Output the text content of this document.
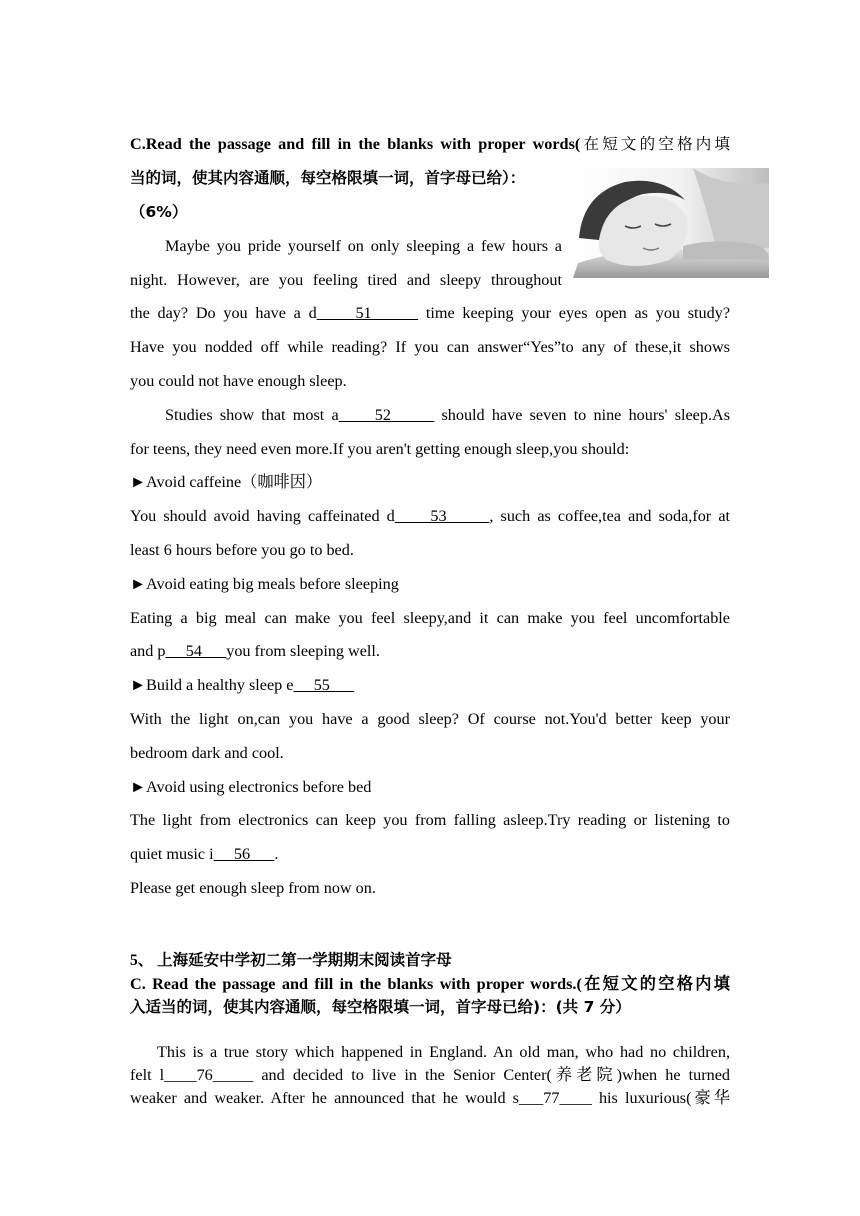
C.Read the passage and fill in the blanks with proper words(在短文的空格内填
当的词，使其内容通顺，每空格限填一词，首字母已给）：
（6%）
Maybe you pride yourself on only sleeping a few hours a
night. However, are you feeling tired and sleepy throughout
the day? Do you have a d     51       time keeping your eyes open as you study?
Have you nodded off while reading? If you can answer“Yes”to any of these,it shows
you could not have enough sleep.
Studies show that most a     52       should have seven to nine hours' sleep.As
for teens, they need even more.If you aren't getting enough sleep,you should:
►Avoid caffeine（咖啡因）
You should avoid having caffeinated d     53      , such as coffee,tea and soda,for at
least 6 hours before you go to bed.
►Avoid eating big meals before sleeping
Eating a big meal can make you feel sleepy,and it can make you feel uncomfortable
and p     54      you from sleeping well.
►Build a healthy sleep e     55
With the light on,can you have a good sleep? Of course not.You'd better keep your
bedroom dark and cool.
►Avoid using electronics before bed
The light from electronics can keep you from falling asleep.Try reading or listening to
quiet music i     56      .
Please get enough sleep from now on.
5、 上海延安中学初二第一学期期末阅读首字母
C. Read the passage and fill in the blanks with proper words.(在短文的空格内填
入适当的词，使其内容通顺，每空格限填一词，首字母已给)：(共 7 分）
This is a true story which happened in England. An old man, who had no children,
felt l____76_____ and decided to live in the Senior Center(养老院)when he turned
weaker and weaker. After he announced that he would s___77____ his luxurious(豪华
